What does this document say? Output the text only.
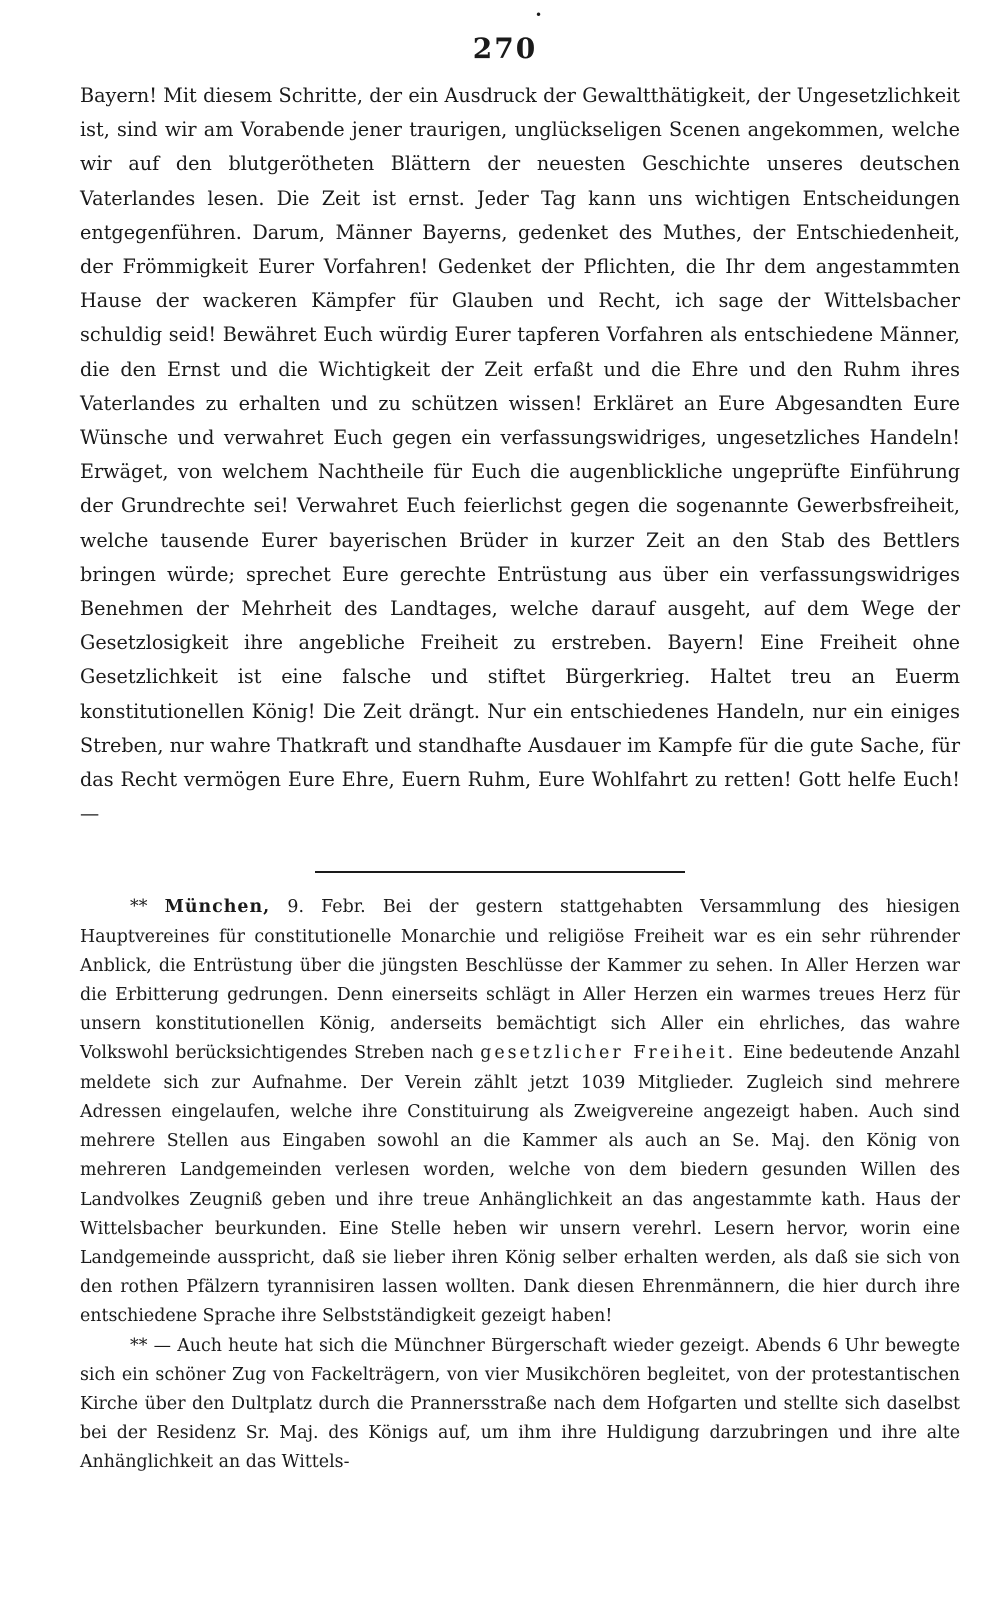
•
270

Bayern! Mit diesem Schritte, der ein Ausdruck der Gewaltthätigkeit, der Ungesetzlichkeit ist, sind wir am Vorabende jener traurigen, unglückseligen Scenen angekommen, welche wir auf den blutgerötheten Blättern der neuesten Geschichte unseres deutschen Vaterlandes lesen. Die Zeit ist ernst. Jeder Tag kann uns wichtigen Entscheidungen entgegenführen. Darum, Männer Bayerns, gedenket des Muthes, der Entschiedenheit, der Frömmigkeit Eurer Vorfahren! Gedenket der Pflichten, die Ihr dem angestammten Hause der wackeren Kämpfer für Glauben und Recht, ich sage der Wittelsbacher schuldig seid! Bewähret Euch würdig Eurer tapferen Vorfahren als entschiedene Männer, die den Ernst und die Wichtigkeit der Zeit erfaßt und die Ehre und den Ruhm ihres Vaterlandes zu erhalten und zu schützen wissen! Erkläret an Eure Abgesandten Eure Wünsche und verwahret Euch gegen ein verfassungswidriges, ungesetzliches Handeln! Erwäget, von welchem Nachtheile für Euch die augenblickliche ungeprüfte Einführung der Grundrechte sei! Verwahret Euch feierlichst gegen die sogenannte Gewerbsfreiheit, welche tausende Eurer bayerischen Brüder in kurzer Zeit an den Stab des Bettlers bringen würde; sprechet Eure gerechte Entrüstung aus über ein verfassungswidriges Benehmen der Mehrheit des Landtages, welche darauf ausgeht, auf dem Wege der Gesetzlosigkeit ihre angebliche Freiheit zu erstreben. Bayern! Eine Freiheit ohne Gesetzlichkeit ist eine falsche und stiftet Bürgerkrieg. Haltet treu an Euerm konstitutionellen König! Die Zeit drängt. Nur ein entschiedenes Handeln, nur ein einiges Streben, nur wahre Thatkraft und standhafte Ausdauer im Kampfe für die gute Sache, für das Recht vermögen Eure Ehre, Euern Ruhm, Eure Wohlfahrt zu retten! Gott helfe Euch! —

** München, 9. Febr. Bei der gestern stattgehabten Versammlung des hiesigen Hauptvereines für constitutionelle Monarchie und religiöse Freiheit war es ein sehr rührender Anblick, die Entrüstung über die jüngsten Beschlüsse der Kammer zu sehen. In Aller Herzen war die Erbitterung gedrungen. Denn einerseits schlägt in Aller Herzen ein warmes treues Herz für unsern konstitutionellen König, anderseits bemächtigt sich Aller ein ehrliches, das wahre Volkswohl berücksichtigendes Streben nach gesetzlicher Freiheit. Eine bedeutende Anzahl meldete sich zur Aufnahme. Der Verein zählt jetzt 1039 Mitglieder. Zugleich sind mehrere Adressen eingelaufen, welche ihre Constituirung als Zweigvereine angezeigt haben. Auch sind mehrere Stellen aus Eingaben sowohl an die Kammer als auch an Se. Maj. den König von mehreren Landgemeinden verlesen worden, welche von dem biedern gesunden Willen des Landvolkes Zeugniß geben und ihre treue Anhänglichkeit an das angestammte kath. Haus der Wittelsbacher beurkunden. Eine Stelle heben wir unsern verehrl. Lesern hervor, worin eine Landgemeinde ausspricht, daß sie lieber ihren König selber erhalten werden, als daß sie sich von den rothen Pfälzern tyrannisiren lassen wollten. Dank diesen Ehrenmännern, die hier durch ihre entschiedene Sprache ihre Selbstständigkeit gezeigt haben!

** — Auch heute hat sich die Münchner Bürgerschaft wieder gezeigt. Abends 6 Uhr bewegte sich ein schöner Zug von Fackelträgern, von vier Musikchören begleitet, von der protestantischen Kirche über den Dultplatz durch die Prannersstraße nach dem Hofgarten und stellte sich daselbst bei der Residenz Sr. Maj. des Königs auf, um ihm ihre Huldigung darzubringen und ihre alte Anhänglichkeit an das Wittels-
